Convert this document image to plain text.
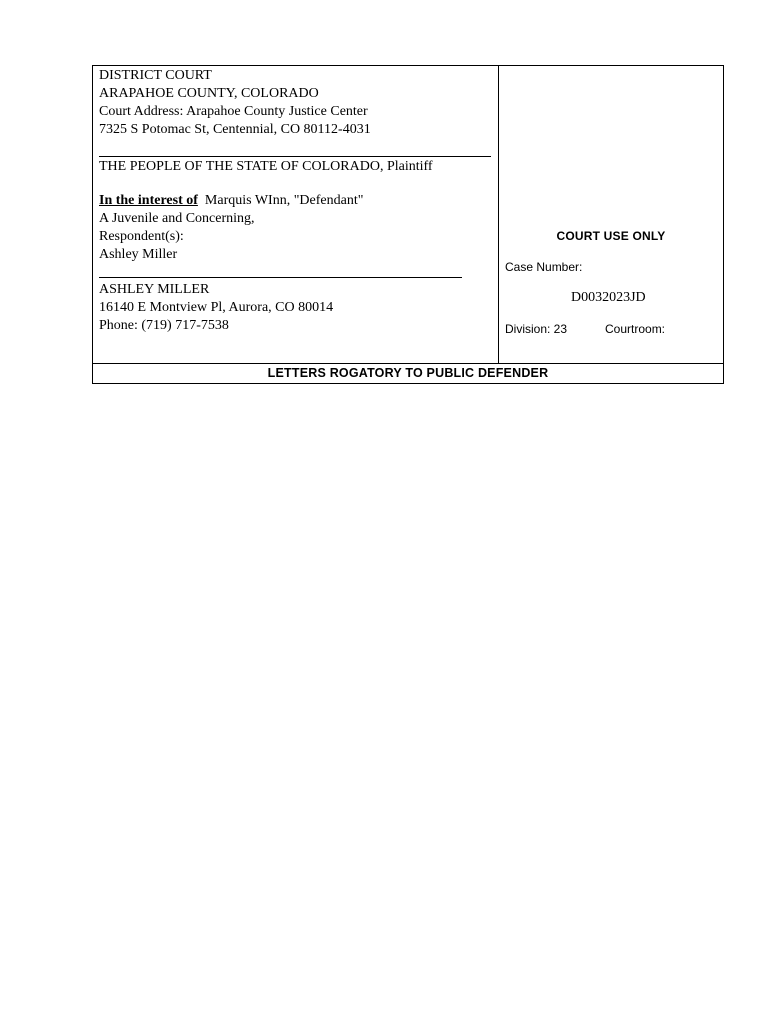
DISTRICT COURT
ARAPAHOE COUNTY, COLORADO
Court Address: Arapahoe County Justice Center
7325 S Potomac St, Centennial, CO 80112-4031
THE PEOPLE OF THE STATE OF COLORADO, Plaintiff
In the interest of Marquis WInn, "Defendant"
A Juvenile and Concerning,
Respondent(s):
Ashley Miller
ASHLEY MILLER
16140 E Montview Pl, Aurora, CO 80014
Phone: (719) 717-7538
COURT USE ONLY
Case Number:
D0032023JD
Division: 23	Courtroom:
LETTERS ROGATORY TO PUBLIC DEFENDER
